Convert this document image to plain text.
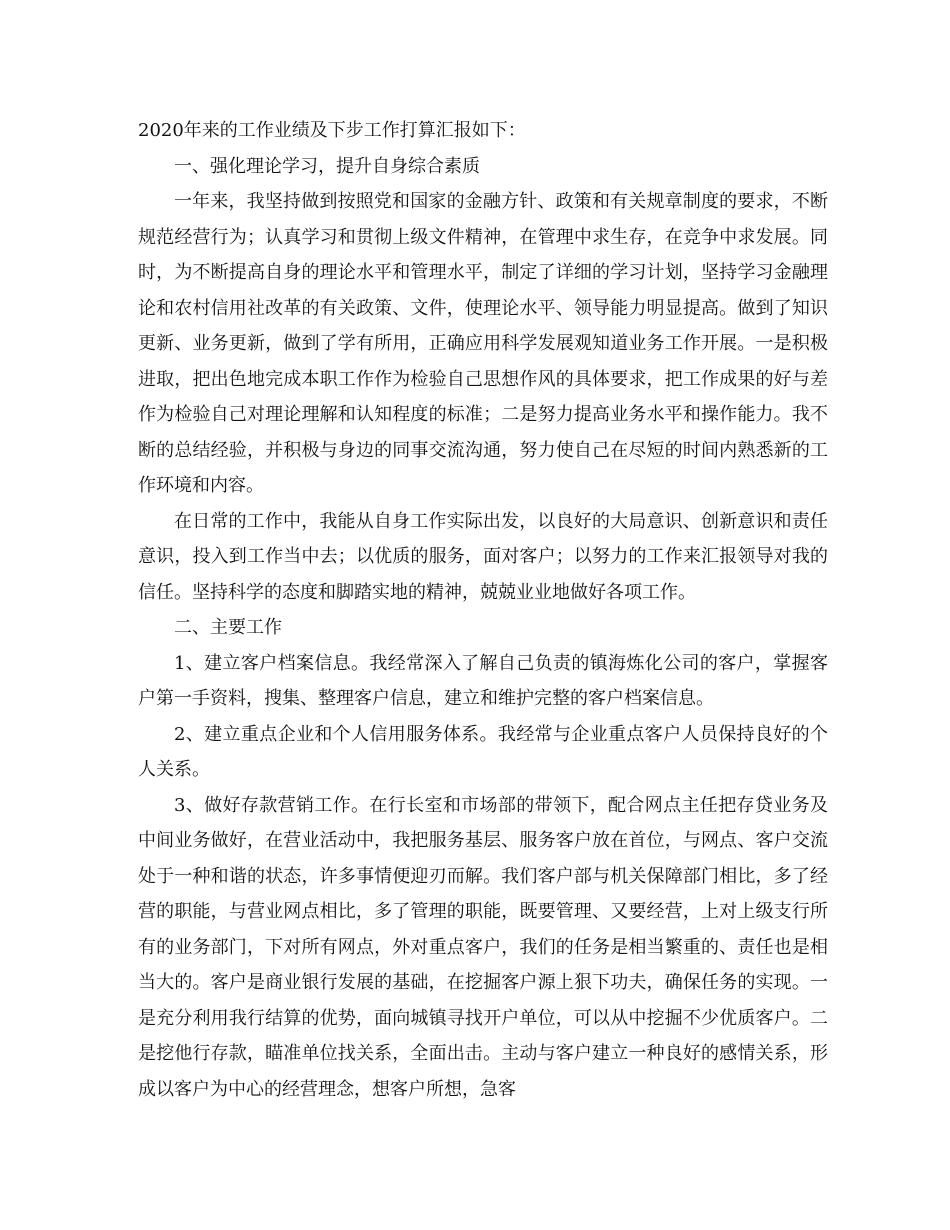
2020年来的工作业绩及下步工作打算汇报如下：

一、强化理论学习，提升自身综合素质

一年来，我坚持做到按照党和国家的金融方针、政策和有关规章制度的要求，不断规范经营行为；认真学习和贯彻上级文件精神，在管理中求生存，在竞争中求发展。同时，为不断提高自身的理论水平和管理水平，制定了详细的学习计划，坚持学习金融理论和农村信用社改革的有关政策、文件，使理论水平、领导能力明显提高。做到了知识更新、业务更新，做到了学有所用，正确应用科学发展观知道业务工作开展。一是积极进取，把出色地完成本职工作作为检验自己思想作风的具体要求，把工作成果的好与差作为检验自己对理论理解和认知程度的标准；二是努力提高业务水平和操作能力。我不断的总结经验，并积极与身边的同事交流沟通，努力使自己在尽短的时间内熟悉新的工作环境和内容。

在日常的工作中，我能从自身工作实际出发，以良好的大局意识、创新意识和责任意识，投入到工作当中去；以优质的服务，面对客户；以努力的工作来汇报领导对我的信任。坚持科学的态度和脚踏实地的精神，兢兢业业地做好各项工作。

二、主要工作

1、建立客户档案信息。我经常深入了解自己负责的镇海炼化公司的客户，掌握客户第一手资料，搜集、整理客户信息，建立和维护完整的客户档案信息。

2、建立重点企业和个人信用服务体系。我经常与企业重点客户人员保持良好的个人关系。

3、做好存款营销工作。在行长室和市场部的带领下，配合网点主任把存贷业务及中间业务做好，在营业活动中，我把服务基层、服务客户放在首位，与网点、客户交流处于一种和谐的状态，许多事情便迎刃而解。我们客户部与机关保障部门相比，多了经营的职能，与营业网点相比，多了管理的职能，既要管理、又要经营，上对上级支行所有的业务部门，下对所有网点，外对重点客户，我们的任务是相当繁重的、责任也是相当大的。客户是商业银行发展的基础，在挖掘客户源上狠下功夫，确保任务的实现。一是充分利用我行结算的优势，面向城镇寻找开户单位，可以从中挖掘不少优质客户。二是挖他行存款，瞄准单位找关系，全面出击。主动与客户建立一种良好的感情关系，形成以客户为中心的经营理念，想客户所想，急客
